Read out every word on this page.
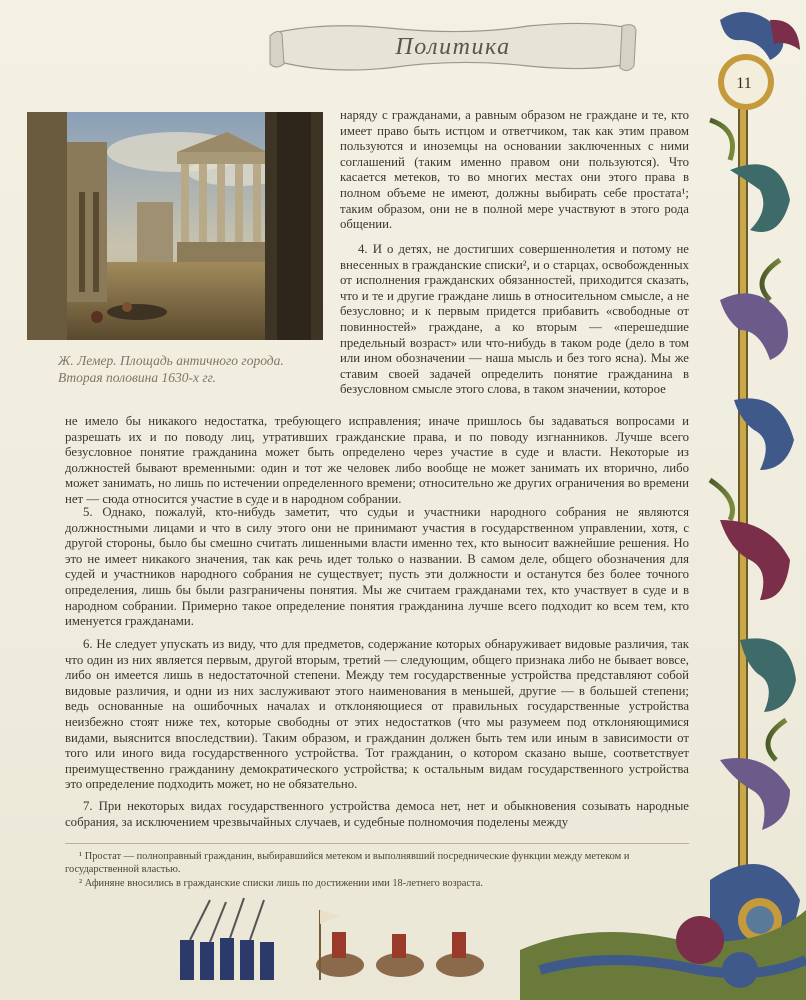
Политика
11
Ж. Лемер. Площадь античного города.
Вторая половина 1630-х гг.

наряду с гражданами, а равным образом не граждане и те, кто имеет право быть истцом и ответчиком, так как этим правом пользуются и иноземцы на основании заключенных с ними соглашений (таким именно правом они пользуются). Что касается метеков, то во многих местах они этого права в полном объеме не имеют, должны выбирать себе простата¹; таким образом, они не в полной мере участвуют в этого рода общении.

4. И о детях, не достигших совершеннолетия и потому не внесенных в гражданские списки², и о старцах, освобожденных от исполнения гражданских обязанностей, приходится сказать, что и те и другие граждане лишь в относительном смысле, а не безусловно; и к первым придется прибавить «свободные от повинностей» граждане, а ко вторым — «перешедшие предельный возраст» или что-нибудь в таком роде (дело в том или ином обозначении — наша мысль и без того ясна). Мы же ставим своей задачей определить понятие гражданина в безусловном смысле этого слова, в таком значении, которое

не имело бы никакого недостатка, требующего исправления; иначе пришлось бы задаваться вопросами и разрешать их и по поводу лиц, утративших гражданские права, и по поводу изгнанников. Лучше всего безусловное понятие гражданина может быть определено через участие в суде и власти. Некоторые из должностей бывают временными: один и тот же человек либо вообще не может занимать их вторично, либо может занимать, но лишь по истечении определенного времени; относительно же других ограничения во времени нет — сюда относится участие в суде и в народном собрании.

5. Однако, пожалуй, кто-нибудь заметит, что судьи и участники народного собрания не являются должностными лицами и что в силу этого они не принимают участия в государственном управлении, хотя, с другой стороны, было бы смешно считать лишенными власти именно тех, кто выносит важнейшие решения. Но это не имеет никакого значения, так как речь идет только о названии. В самом деле, общего обозначения для судей и участников народного собрания не существует; пусть эти должности и останутся без более точного определения, лишь бы были разграничены понятия. Мы же считаем гражданами тех, кто участвует в суде и в народном собрании. Примерно такое определение понятия гражданина лучше всего подходит ко всем тем, кто именуется гражданами.

6. Не следует упускать из виду, что для предметов, содержание которых обнаруживает видовые различия, так что один из них является первым, другой вторым, третий — следующим, общего признака либо не бывает вовсе, либо он имеется лишь в недостаточной степени. Между тем государственные устройства представляют собой видовые различия, и одни из них заслуживают этого наименования в меньшей, другие — в большей степени; ведь основанные на ошибочных началах и отклоняющиеся от правильных государственные устройства неизбежно стоят ниже тех, которые свободны от этих недостатков (что мы разумеем под отклоняющимися видами, выяснится впоследствии). Таким образом, и гражданин должен быть тем или иным в зависимости от того или иного вида государственного устройства. Тот гражданин, о котором сказано выше, соответствует преимущественно гражданину демократического устройства; к остальным видам государственного устройства это определение подходить может, но не обязательно.

7. При некоторых видах государственного устройства демоса нет, нет и обыкновения созывать народные собрания, за исключением чрезвычайных случаев, и судебные полномочия поделены между

¹ Простат — полноправный гражданин, выбиравшийся метеком и выполнявший посреднические функции между метеком и государственной властью.

² Афиняне вносились в гражданские списки лишь по достижении ими 18-летнего возраста.
